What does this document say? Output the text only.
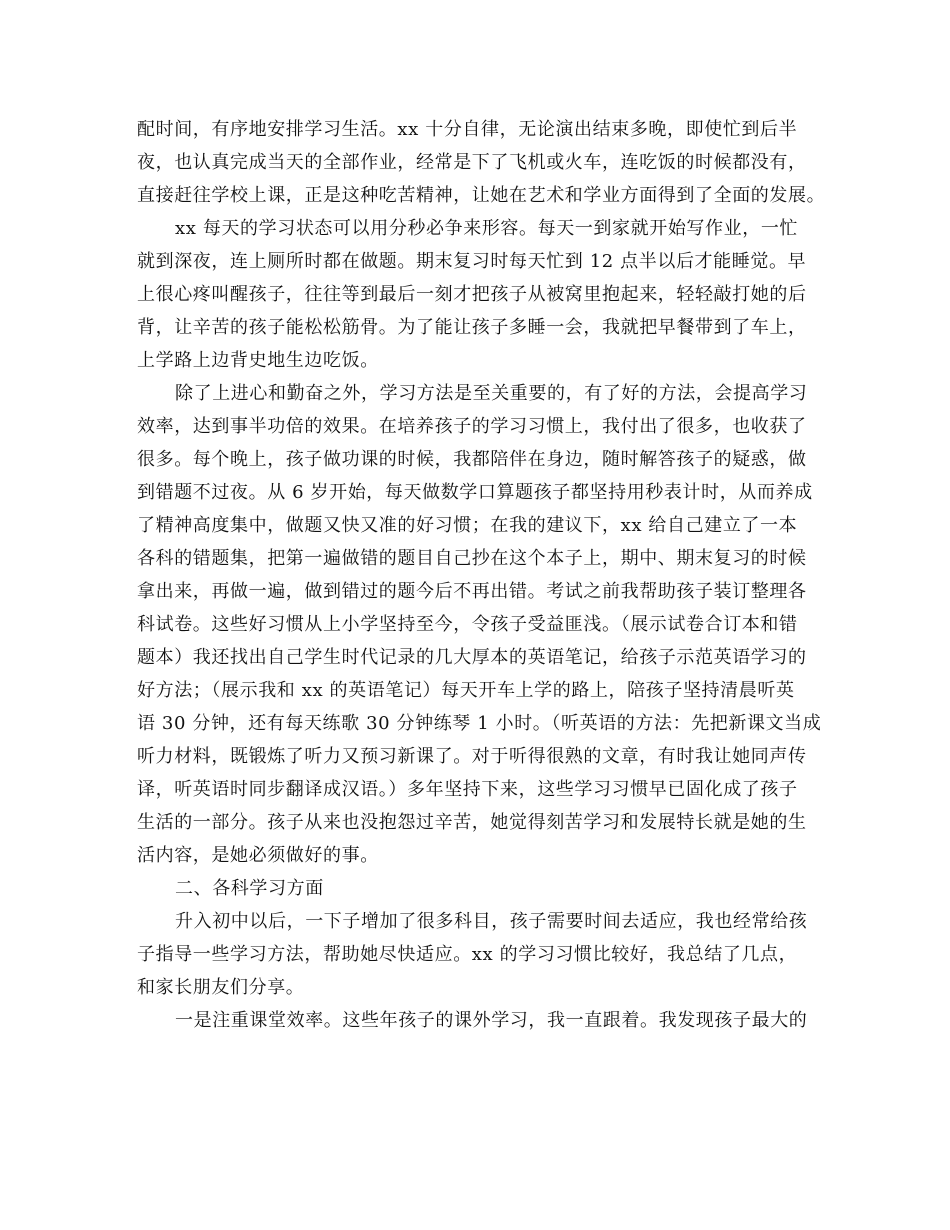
配时间，有序地安排学习生活。xx 十分自律，无论演出结束多晚，即使忙到后半
夜，也认真完成当天的全部作业，经常是下了飞机或火车，连吃饭的时候都没有，
直接赶往学校上课，正是这种吃苦精神，让她在艺术和学业方面得到了全面的发展。
xx 每天的学习状态可以用分秒必争来形容。每天一到家就开始写作业，一忙
就到深夜，连上厕所时都在做题。期末复习时每天忙到 12 点半以后才能睡觉。早
上很心疼叫醒孩子，往往等到最后一刻才把孩子从被窝里抱起来，轻轻敲打她的后
背，让辛苦的孩子能松松筋骨。为了能让孩子多睡一会，我就把早餐带到了车上，
上学路上边背史地生边吃饭。
除了上进心和勤奋之外，学习方法是至关重要的，有了好的方法，会提高学习
效率，达到事半功倍的效果。在培养孩子的学习习惯上，我付出了很多，也收获了
很多。每个晚上，孩子做功课的时候，我都陪伴在身边，随时解答孩子的疑惑，做
到错题不过夜。从 6 岁开始，每天做数学口算题孩子都坚持用秒表计时，从而养成
了精神高度集中，做题又快又准的好习惯；在我的建议下，xx 给自己建立了一本
各科的错题集，把第一遍做错的题目自己抄在这个本子上，期中、期末复习的时候
拿出来，再做一遍，做到错过的题今后不再出错。考试之前我帮助孩子装订整理各
科试卷。这些好习惯从上小学坚持至今，令孩子受益匪浅。（展示试卷合订本和错
题本）我还找出自己学生时代记录的几大厚本的英语笔记，给孩子示范英语学习的
好方法；（展示我和 xx 的英语笔记）每天开车上学的路上，陪孩子坚持清晨听英
语 30 分钟，还有每天练歌 30 分钟练琴 1 小时。（听英语的方法：先把新课文当成
听力材料，既锻炼了听力又预习新课了。对于听得很熟的文章，有时我让她同声传
译，听英语时同步翻译成汉语。）多年坚持下来，这些学习习惯早已固化成了孩子
生活的一部分。孩子从来也没抱怨过辛苦，她觉得刻苦学习和发展特长就是她的生
活内容，是她必须做好的事。
二、各科学习方面
升入初中以后，一下子增加了很多科目，孩子需要时间去适应，我也经常给孩
子指导一些学习方法，帮助她尽快适应。xx 的学习习惯比较好，我总结了几点，
和家长朋友们分享。
一是注重课堂效率。这些年孩子的课外学习，我一直跟着。我发现孩子最大的
